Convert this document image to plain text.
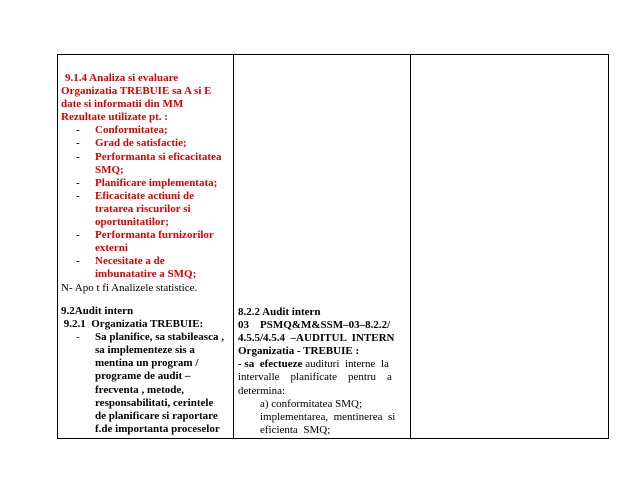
9.1.4 Analiza si evaluare
Organizatia TREBUIE sa A si E
date si informatii din MM
Rezultate utilizate pt. :
- Conformitatea;
- Grad de satisfactie;
- Performanta si eficacitatea
SMQ;
- Planificare implementata;
- Eficacitate actiuni de
tratarea riscurilor si
oportunitatilor;
- Performanta furnizorilor
externi
- Necesitate a de
imbunatatire a SMQ;
N- Apo t fi Analizele statistice.
9.2Audit intern
9.2.1  Organizatia TREBUIE:
- Sa planifice, sa stabileasca ,
sa implementeze sis a
mentina un program /
programe de audit –
frecventa , metode,
responsabilitati, cerintele
de planificare si raportare
f.de importanta proceselor
8.2.2 Audit intern
03    PSMQ&M&SSM–03–8.2.2/
4.5.5/4.5.4  –AUDITUL  INTERN
Organizatia - TREBUIE :
- sa  efectueze audituri  interne  la
intervalle    planificate    pentru    a
determina:
a) conformitatea SMQ;
implementarea,  mentinerea  si
eficienta  SMQ;
